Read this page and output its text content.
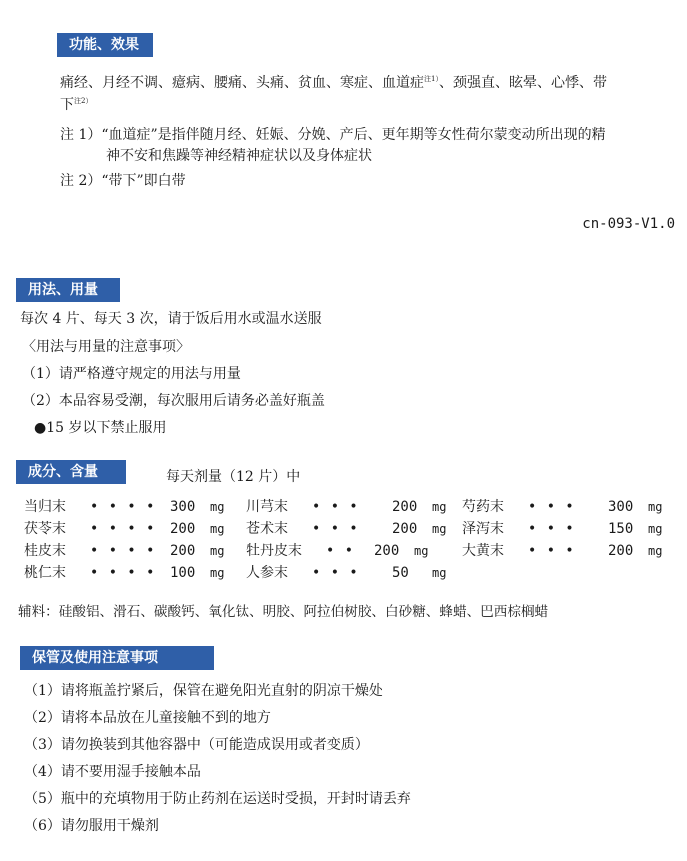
功能、效果
痛经、月经不调、癔病、腰痛、头痛、贫血、寒症、血道症$^{注1)}$、颈强直、眩晕、心悸、带
下$^{注2)}$
注 1）“血道症”是指伴随月经、妊娠、分娩、产后、更年期等女性荷尔蒙变动所出现的精
神不安和焦躁等神经精神症状以及身体症状
注 2）“带下”即白带
cn-093-V1.0
用法、用量
每次 4 片、每天 3 次，请于饭后用水或温水送服
〈用法与用量的注意事项〉
（1）请严格遵守规定的用法与用量
（2）本品容易受潮，每次服用后请务必盖好瓶盖
●15 岁以下禁止服用
成分、含量	每天剂量（12 片）中
当归末 • • • • 300 mg 川芎末 • • • 200 mg 芍药末 • • • 300 mg
茯苓末 • • • • 200 mg 苍术末 • • • 200 mg 泽泻末 • • • 150 mg
桂皮末 • • • • 200 mg 牡丹皮末 • • 200 mg 大黄末 • • • 200 mg
桃仁末 • • • • 100 mg 人参末 • • • 50 mg
辅料：硅酸铝、滑石、碳酸钙、氧化钛、明胶、阿拉伯树胶、白砂糖、蜂蜡、巴西棕榈蜡
保管及使用注意事项
（1）请将瓶盖拧紧后，保管在避免阳光直射的阴凉干燥处
（2）请将本品放在儿童接触不到的地方
（3）请勿换装到其他容器中（可能造成误用或者变质）
（4）请不要用湿手接触本品
（5）瓶中的充填物用于防止药剂在运送时受损，开封时请丢弃
（6）请勿服用干燥剂
